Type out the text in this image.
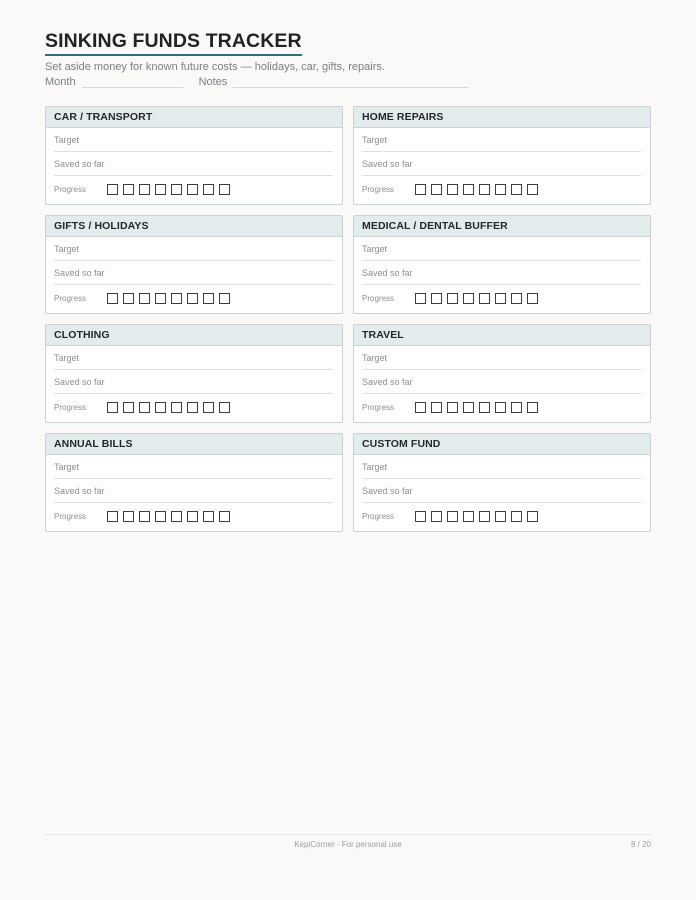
SINKING FUNDS TRACKER
Set aside money for known future costs — holidays, car, gifts, repairs.
Month	Notes
CAR / TRANSPORT
Target
Saved so far
Progress
HOME REPAIRS
Target
Saved so far
Progress
GIFTS / HOLIDAYS
Target
Saved so far
Progress
MEDICAL / DENTAL BUFFER
Target
Saved so far
Progress
CLOTHING
Target
Saved so far
Progress
TRAVEL
Target
Saved so far
Progress
ANNUAL BILLS
Target
Saved so far
Progress
CUSTOM FUND
Target
Saved so far
Progress
KepiCorner · For personal use	8 / 20
